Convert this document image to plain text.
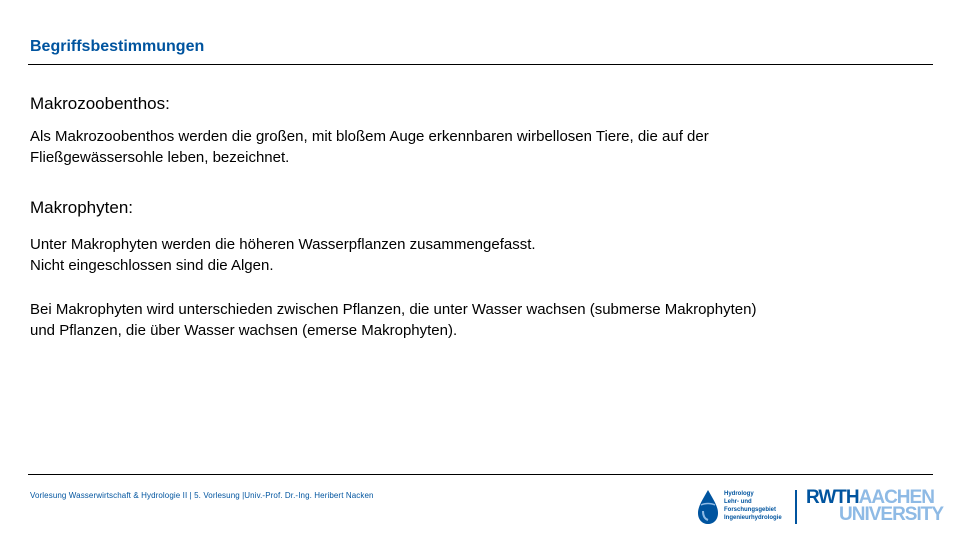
Begriffsbestimmungen
Makrozoobenthos:
Als Makrozoobenthos werden die großen, mit bloßem Auge erkennbaren wirbellosen Tiere, die auf der
Fließgewässersohle leben, bezeichnet.
Makrophyten:
Unter Makrophyten werden die höheren Wasserpflanzen zusammengefasst.
Nicht eingeschlossen sind die Algen.
Bei Makrophyten wird unterschieden zwischen Pflanzen, die unter Wasser wachsen (submerse Makrophyten)
und Pflanzen, die über Wasser wachsen (emerse Makrophyten).
Vorlesung Wasserwirtschaft & Hydrologie II | 5. Vorlesung |Univ.-Prof. Dr.-Ing. Heribert Nacken	Hydrology
Lehr- und
Forschungsgebiet
Ingenieurhydrologie
RWTHAACHEN
UNIVERSITY
